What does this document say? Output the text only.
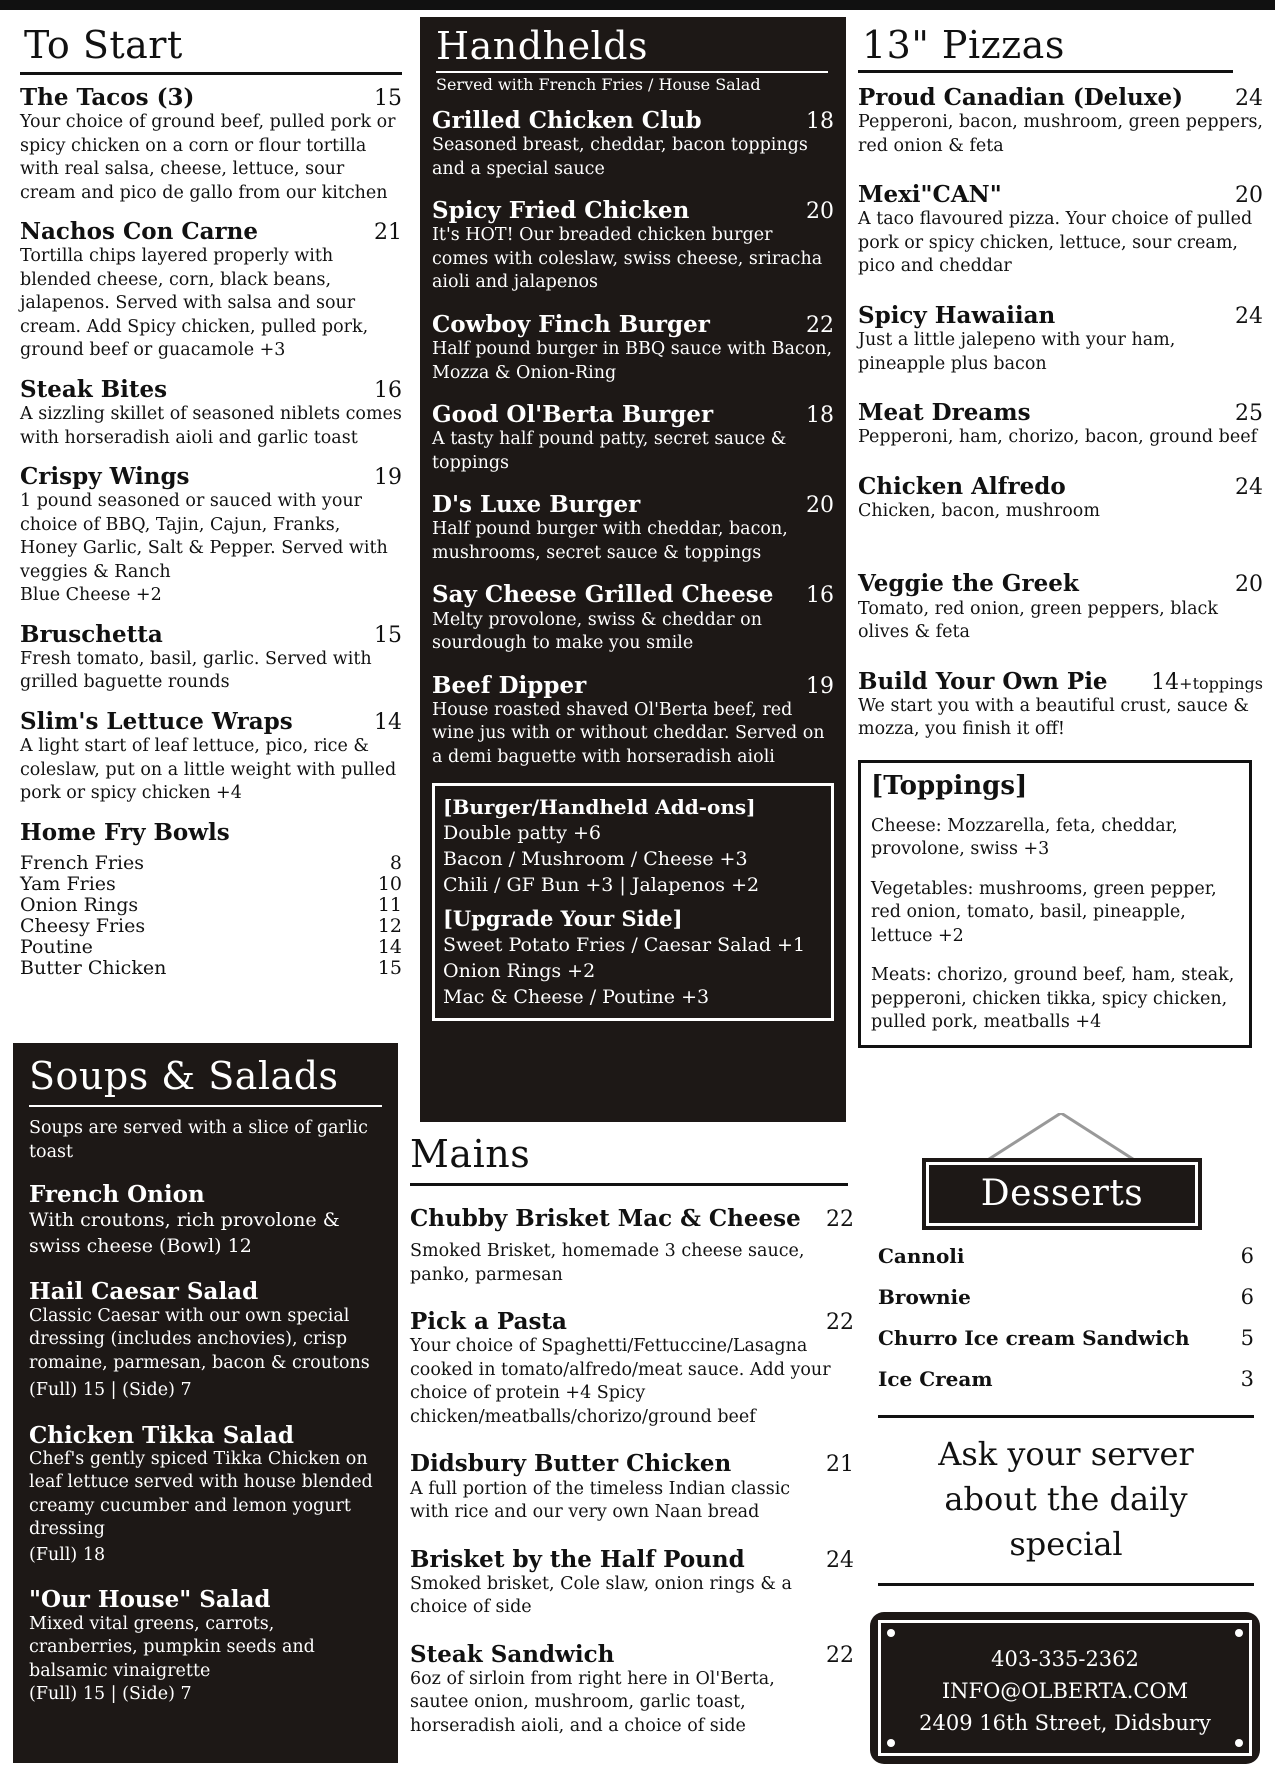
To Start
The Tacos (3)	15
Your choice of ground beef, pulled pork or spicy chicken on a corn or flour tortilla with real salsa, cheese, lettuce, sour cream and pico de gallo from our kitchen
Nachos Con Carne	21
Tortilla chips layered properly with blended cheese, corn, black beans, jalapenos. Served with salsa and sour cream. Add Spicy chicken, pulled pork, ground beef or guacamole +3
Steak Bites	16
A sizzling skillet of seasoned niblets comes with horseradish aioli and garlic toast
Crispy Wings	19
1 pound seasoned or sauced with your choice of BBQ, Tajin, Cajun, Franks, Honey Garlic, Salt & Pepper. Served with veggies & Ranch
Blue Cheese +2
Bruschetta	15
Fresh tomato, basil, garlic. Served with grilled baguette rounds
Slim's Lettuce Wraps	14
A light start of leaf lettuce, pico, rice & coleslaw, put on a little weight with pulled pork or spicy chicken +4
Home Fry Bowls
French Fries	8
Yam Fries	10
Onion Rings	11
Cheesy Fries	12
Poutine	14
Butter Chicken	15
Soups & Salads
Soups are served with a slice of garlic toast
French Onion
With croutons, rich provolone & swiss cheese (Bowl) 12
Hail Caesar Salad
Classic Caesar with our own special dressing (includes anchovies), crisp romaine, parmesan, bacon & croutons
(Full) 15 | (Side) 7
Chicken Tikka Salad
Chef's gently spiced Tikka Chicken on leaf lettuce served with house blended creamy cucumber and lemon yogurt dressing
(Full) 18
"Our House" Salad
Mixed vital greens, carrots, cranberries, pumpkin seeds and balsamic vinaigrette
(Full) 15 | (Side) 7
Handhelds
Served with French Fries / House Salad
Grilled Chicken Club	18
Seasoned breast, cheddar, bacon toppings and a special sauce
Spicy Fried Chicken	20
It's HOT! Our breaded chicken burger comes with coleslaw, swiss cheese, sriracha aioli and jalapenos
Cowboy Finch Burger	22
Half pound burger in BBQ sauce with Bacon, Mozza & Onion-Ring
Good Ol'Berta Burger	18
A tasty half pound patty, secret sauce & toppings
D's Luxe Burger	20
Half pound burger with cheddar, bacon, mushrooms, secret sauce & toppings
Say Cheese Grilled Cheese 16
Melty provolone, swiss & cheddar on sourdough to make you smile
Beef Dipper	19
House roasted shaved Ol'Berta beef, red wine jus with or without cheddar. Served on a demi baguette with horseradish aioli
[Burger/Handheld Add-ons]
Double patty +6
Bacon / Mushroom / Cheese +3
Chili / GF Bun +3 | Jalapenos +2
[Upgrade Your Side]
Sweet Potato Fries / Caesar Salad +1
Onion Rings +2
Mac & Cheese / Poutine +3
Mains
Chubby Brisket Mac & Cheese 22
Smoked Brisket, homemade 3 cheese sauce, panko, parmesan
Pick a Pasta	22
Your choice of Spaghetti/Fettuccine/Lasagna cooked in tomato/alfredo/meat sauce. Add your choice of protein +4 Spicy chicken/meatballs/chorizo/ground beef
Didsbury Butter Chicken	21
A full portion of the timeless Indian classic with rice and our very own Naan bread
Brisket by the Half Pound	24
Smoked brisket, Cole slaw, onion rings & a choice of side
Steak Sandwich	22
6oz of sirloin from right here in Ol'Berta, sautee onion, mushroom, garlic toast, horseradish aioli, and a choice of side
13" Pizzas
Proud Canadian (Deluxe) 24
Pepperoni, bacon, mushroom, green peppers, red onion & feta
Mexi"CAN"	20
A taco flavoured pizza. Your choice of pulled pork or spicy chicken, lettuce, sour cream, pico and cheddar
Spicy Hawaiian	24
Just a little jalepeno with your ham, pineapple plus bacon
Meat Dreams	25
Pepperoni, ham, chorizo, bacon, ground beef
Chicken Alfredo	24
Chicken, bacon, mushroom
Veggie the Greek	20
Tomato, red onion, green peppers, black olives & feta
Build Your Own Pie 14+toppings
We start you with a beautiful crust, sauce & mozza, you finish it off!
[Toppings]
Cheese: Mozzarella, feta, cheddar, provolone, swiss +3
Vegetables: mushrooms, green pepper, red onion, tomato, basil, pineapple, lettuce +2
Meats: chorizo, ground beef, ham, steak, pepperoni, chicken tikka, spicy chicken, pulled pork, meatballs +4
Desserts
Cannoli	6
Brownie	6
Churro Ice cream Sandwich 5
Ice Cream	3
Ask your server
about the daily
special
403-335-2362
INFO@OLBERTA.COM
2409 16th Street, Didsbury
